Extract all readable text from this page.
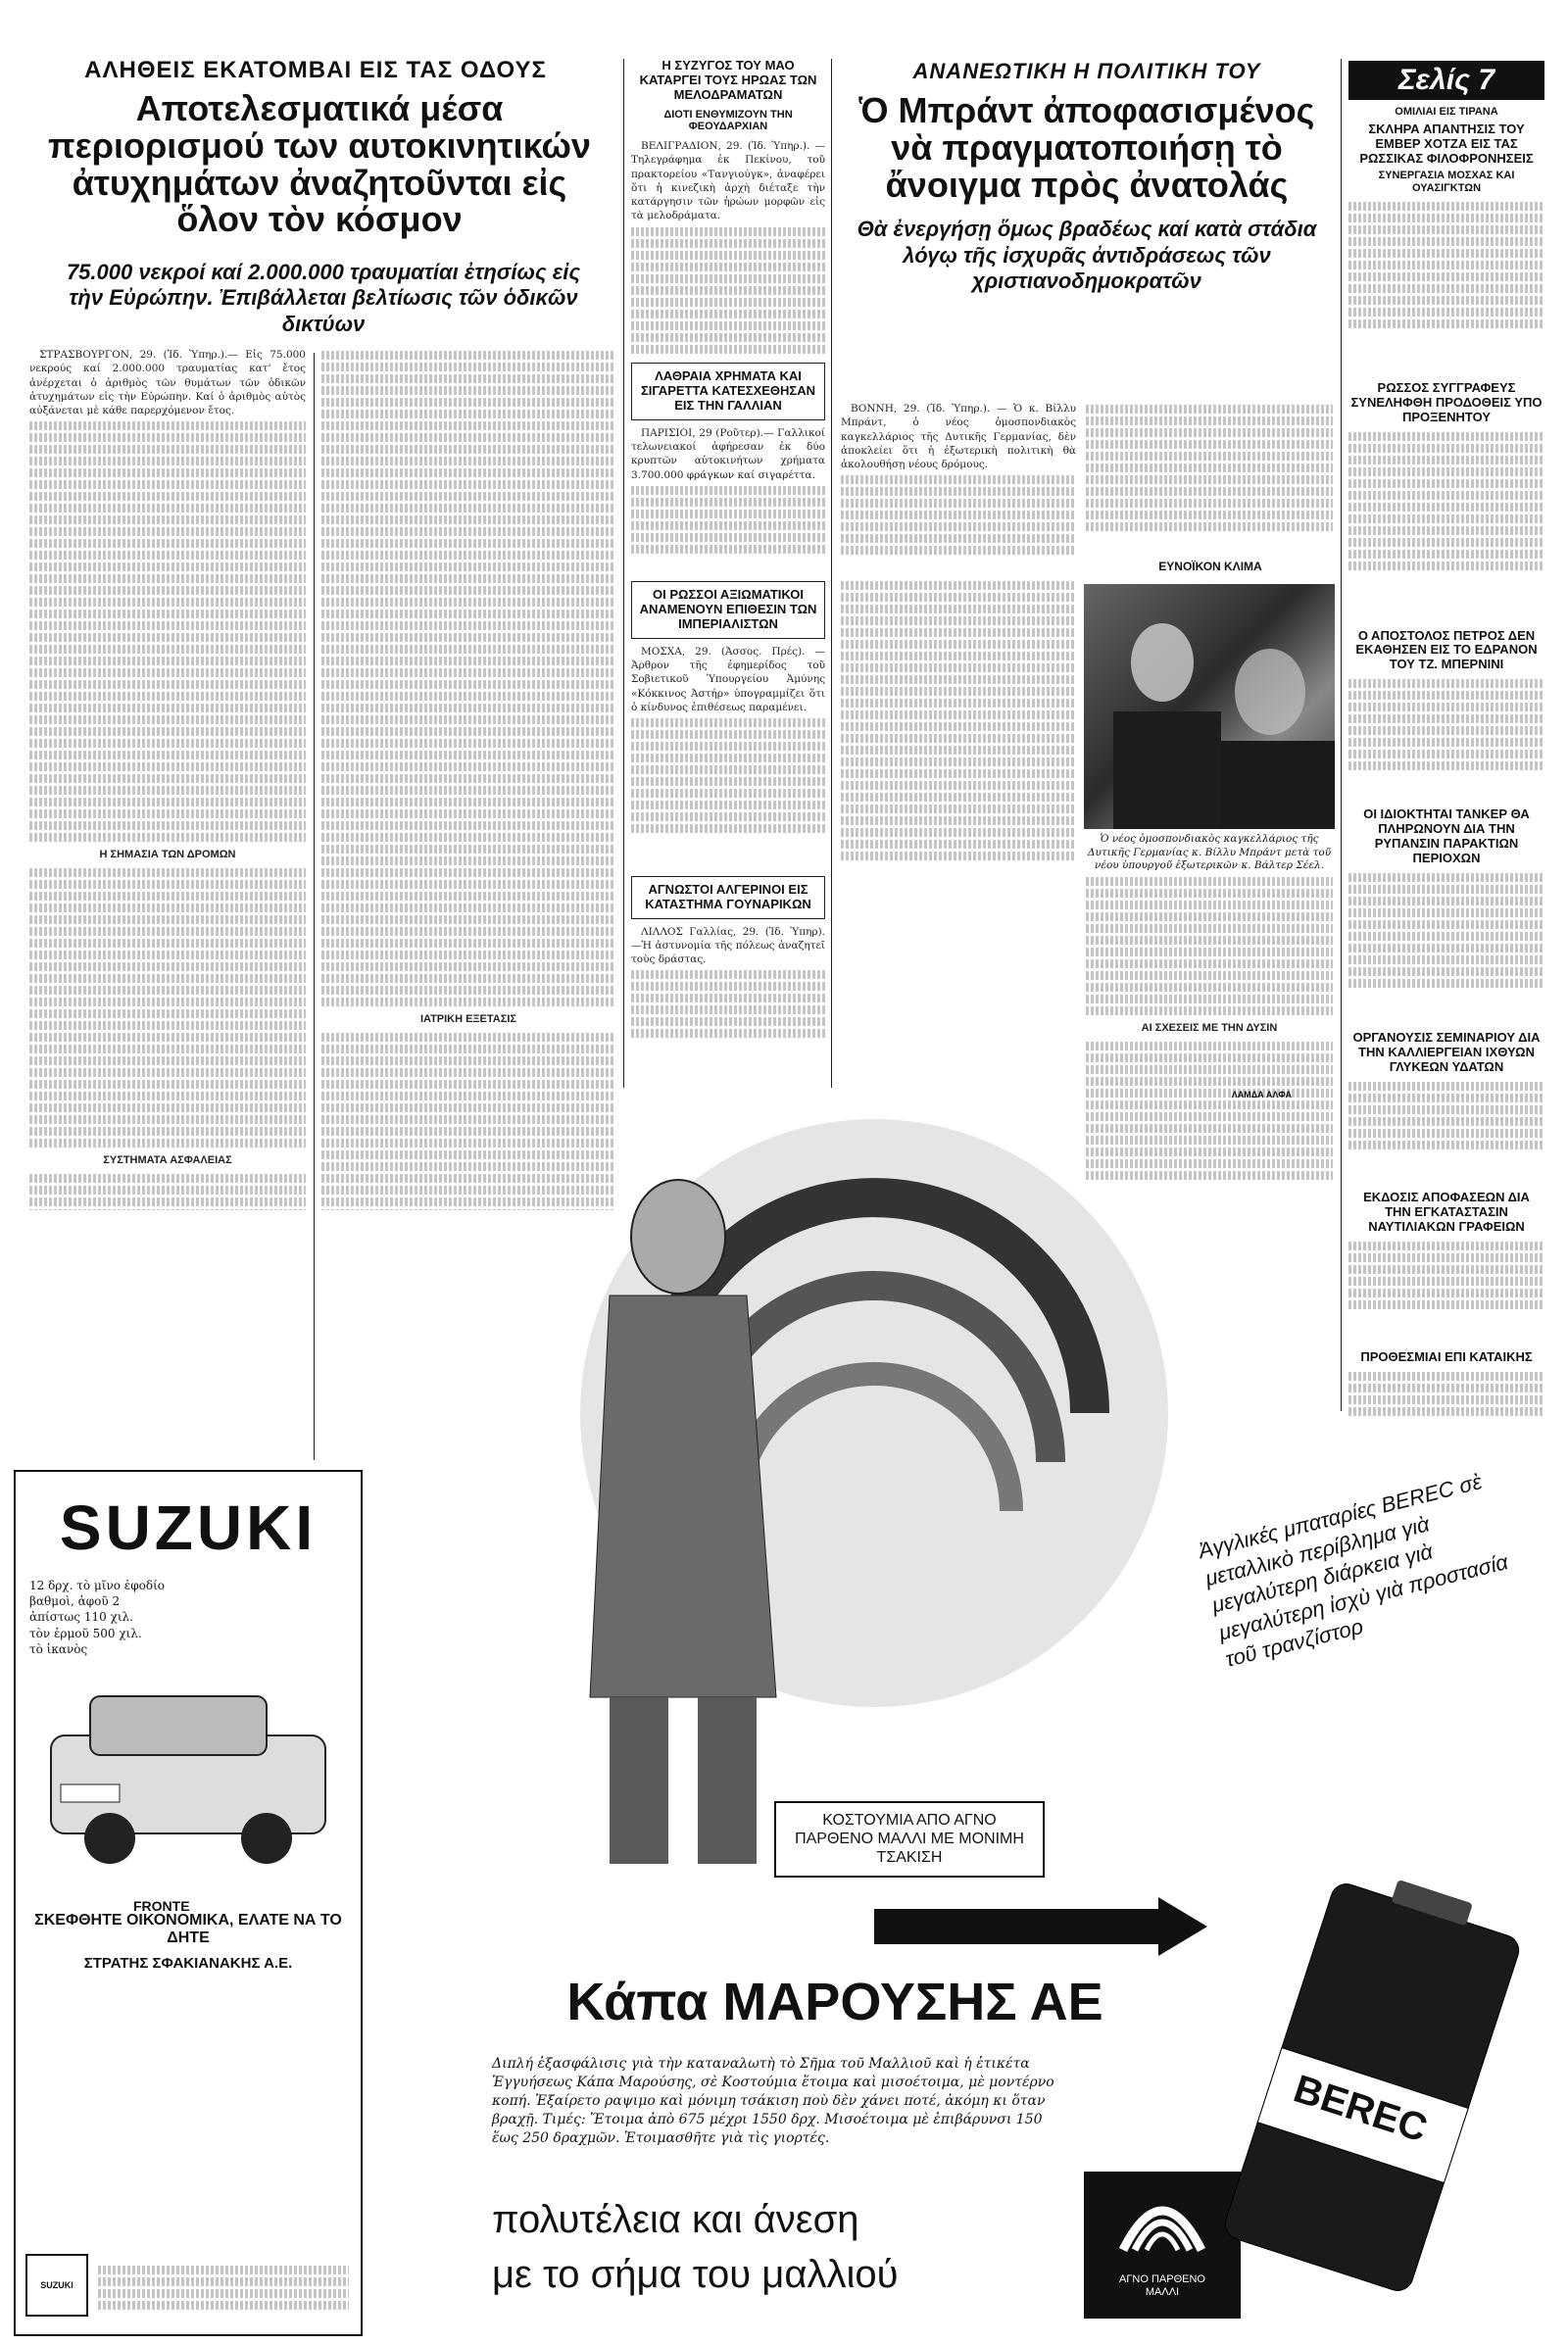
ΑΛΗΘΕΙΣ ΕΚΑΤΟΜΒΑΙ ΕΙΣ ΤΑΣ ΟΔΟΥΣ
Αποτελεσματικά μέσα περιορισμού των αυτοκινητικών ἀτυχημάτων ἀναζητοῦνται εἰς ὅλον τὸν κόσμον
75.000 νεκροί καί 2.000.000 τραυματίαι ἐτησίως εἰς τὴν Εὐρώπην. Ἐπιβάλλεται βελτίωσις τῶν ὁδικῶν δικτύων

ΣΤΡΑΣΒΟΥΡΓΟΝ, 29. (Ἰδ. Ὑπηρ.).— Εἰς 75.000 νεκρούς καί 2.000.000 τραυματίας κατ' ἔτος ἀνέρχεται ὁ ἀριθμὸς τῶν θυμάτων τῶν ὁδικῶν ἀτυχημάτων εἰς τὴν Εὐρώπην. Καί ὁ ἀριθμὸς αὐτὸς αὐξάνεται μὲ κάθε παρερχόμενον ἔτος.

Η ΣΗΜΑΣΙΑ ΤΩΝ ΔΡΟΜΩΝ
ΣΥΣΤΗΜΑΤΑ ΑΣΦΑΛΕΙΑΣ
ΙΑΤΡΙΚΗ ΕΞΕΤΑΣΙΣ
Η ΣΥΖΥΓΟΣ ΤΟΥ ΜΑΟ ΚΑΤΑΡΓΕΙ ΤΟΥΣ ΗΡΩΑΣ ΤΩΝ ΜΕΛΟΔΡΑΜΑΤΩΝ
ΔΙΟΤΙ ΕΝΘΥΜΙΖΟΥΝ ΤΗΝ ΦΕΟΥΔΑΡΧΙΑΝ

ΒΕΛΙΓΡΑΔΙΟΝ, 29. (Ἰδ. Ὑπηρ.). —Τηλεγράφημα ἐκ Πεκίνου, τοῦ πρακτορείου «Τανγιούγκ», ἀναφέρει ὅτι ἡ κινεζικὴ ἀρχὴ διέταξε τὴν κατάργησιν τῶν ἡρώων μορφῶν εἰς τὰ μελοδράματα.

ΛΑΘΡΑΙΑ ΧΡΗΜΑΤΑ ΚΑΙ ΣΙΓΑΡΕΤΤΑ ΚΑΤΕΣΧΕΘΗΣΑΝ ΕΙΣ ΤΗΝ ΓΑΛΛΙΑΝ

ΠΑΡΙΣΙΟΙ, 29 (Ροῦτερ).— Γαλλικοί τελωνειακοί ἀφήρεσαν ἐκ δύο κρυπτῶν αὐτοκινήτων χρήματα 3.700.000 φράγκων καί σιγαρέττα.

ΟΙ ΡΩΣΣΟΙ ΑΞΙΩΜΑΤΙΚΟΙ ΑΝΑΜΕΝΟΥΝ ΕΠΙΘΕΣΙΝ ΤΩΝ ΙΜΠΕΡΙΑΛΙΣΤΩΝ

ΜΟΣΧΑ, 29. (Ἀσσος. Πρές). —Ἀρθρον τῆς ἐφημερίδος τοῦ Σοβιετικοῦ Ὑπουργείου Ἀμύνης «Κόκκινος Ἀστήρ» ὑπογραμμίζει ὅτι ὁ κίνδυνος ἐπιθέσεως παραμένει.

ΑΓΝΩΣΤΟΙ ΑΛΓΕΡΙΝΟΙ ΕΙΣ ΚΑΤΑΣΤΗΜΑ ΓΟΥΝΑΡΙΚΩΝ

ΛΙΛΛΟΣ Γαλλίας, 29. (Ἰδ. Ὑπηρ). —Ἡ ἀστυνομία τῆς πόλεως ἀναζητεῖ τοὺς δράστας.

ΑΝΑΝΕΩΤΙΚΗ Η ΠΟΛΙΤΙΚΗ ΤΟΥ
Ὁ Μπράντ ἀποφασισμένος νὰ πραγματοποιήσῃ τὸ ἄνοιγμα πρὸς ἀνατολάς
Θὰ ἐνεργήσῃ ὅμως βραδέως καί κατὰ στάδια λόγῳ τῆς ἰσχυρᾶς ἀντιδράσεως τῶν χριστιανοδημοκρατῶν

ΒΟΝΝΗ, 29. (Ἰδ. Ὑπηρ.). — Ὁ κ. Βίλλυ Μπράντ, ὁ νέος ὁμοσπονδιακὸς καγκελλάριος τῆς Δυτικῆς Γερμανίας, δὲν ἀποκλείει ὅτι ἡ ἐξωτερικὴ πολιτικὴ θὰ ἀκολουθήσῃ νέους δρόμους.

ΕΥΝΟΪΚΟΝ ΚΛΙΜΑ
Ὁ νέος ὁμοσπονδιακὸς καγκελλάριος τῆς Δυτικῆς Γερμανίας κ. Βίλλυ Μπράντ μετὰ τοῦ νέου ὑπουργοῦ ἐξωτερικῶν κ. Βάλτερ Σέελ.
ΑΙ ΣΧΕΣΕΙΣ ΜΕ ΤΗΝ ΔΥΣΙΝ
Σελίς 7
ΟΜΙΛΙΑΙ ΕΙΣ ΤΙΡΑΝΑ
ΣΚΛΗΡΑ ΑΠΑΝΤΗΣΙΣ ΤΟΥ ΕΜΒΕΡ ΧΟΤΖΑ ΕΙΣ ΤΑΣ ΡΩΣΣΙΚΑΣ ΦΙΛΟΦΡΟΝΗΣΕΙΣ
ΣΥΝΕΡΓΑΣΙΑ ΜΟΣΧΑΣ ΚΑΙ ΟΥΑΣΙΓΚΤΩΝ
ΡΩΣΣΟΣ ΣΥΓΓΡΑΦΕΥΣ ΣΥΝΕΛΗΦΘΗ ΠΡΟΔΟΘΕΙΣ ΥΠΟ ΠΡΟΞΕΝΗΤΟΥ
Ο ΑΠΟΣΤΟΛΟΣ ΠΕΤΡΟΣ ΔΕΝ ΕΚΑΘΗΣΕΝ ΕΙΣ ΤΟ ΕΔΡΑΝΟΝ ΤΟΥ ΤΖ. ΜΠΕΡΝΙΝΙ
ΟΙ ΙΔΙΟΚΤΗΤΑΙ ΤΑΝΚΕΡ ΘΑ ΠΛΗΡΩΝΟΥΝ ΔΙΑ ΤΗΝ ΡΥΠΑΝΣΙΝ ΠΑΡΑΚΤΙΩΝ ΠΕΡΙΟΧΩΝ
ΟΡΓΑΝΟΥΣΙΣ ΣΕΜΙΝΑΡΙΟΥ ΔΙΑ ΤΗΝ ΚΑΛΛΙΕΡΓΕΙΑΝ ΙΧΘΥΩΝ ΓΛΥΚΕΩΝ ΥΔΑΤΩΝ
ΕΚΔΟΣΙΣ ΑΠΟΦΑΣΕΩΝ ΔΙΑ ΤΗΝ ΕΓΚΑΤΑΣΤΑΣΙΝ ΝΑΥΤΙΛΙΑΚΩΝ ΓΡΑΦΕΙΩΝ
ΠΡΟΘΕΣΜΙΑΙ ΕΠΙ ΚΑΤΑΙΚΗΣ
SUZUKI
12 δρχ. τὸ μῖνο ἐφοδίο
βαθμοὶ, ἀφοῦ 2
ἀπίστως 110 χιλ.
τὸν ἑρμοῦ 500 χιλ.
τὸ ἱκανὸς
FRONTE
ΣΚΕΦΘΗΤΕ ΟΙΚΟΝΟΜΙΚΑ, ΕΛΑΤΕ ΝΑ ΤΟ ΔΗΤΕ
ΣΤΡΑΤΗΣ ΣΦΑΚΙΑΝΑΚΗΣ Α.Ε.
SUZUKI
ΛΑΜΔΑ ΑΛΦΑ
ΚΟΣΤΟΥΜΙΑ ΑΠΟ ΑΓΝΟ ΠΑΡΘΕΝΟ ΜΑΛΛΙ ΜΕ ΜΟΝΙΜΗ ΤΣΑΚΙΣΗ
Κάπα ΜΑΡΟΥΣΗΣ ΑΕ
Διπλή ἐξασφάλισις γιὰ τὴν καταναλωτὴ τὸ Σῆμα τοῦ Μαλλιοῦ καὶ ἡ ἐτικέτα Ἐγγυήσεως Κάπα Μαρούσης, σὲ Κοστούμια ἕτοιμα καὶ μισοέτοιμα, μὲ μοντέρνο κοπή. Ἐξαίρετο ραψιμο καὶ μόνιμη τσάκιση ποὺ δὲν χάνει ποτέ, ἀκόμη κι ὅταν βραχῇ. Τιμές: Ἕτοιμα ἀπὸ 675 μέχρι 1550 δρχ. Μισοέτοιμα μὲ ἐπιβάρυνσι 150 ἕως 250 δραχμῶν. Ἑτοιμασθῆτε γιὰ τὶς γιορτές.
πολυτέλεια και άνεση
με το σήμα του μαλλιού	ΑΓΝΟ ΠΑΡΘΕΝΟ ΜΑΛΛΙ
Ἀγγλικές μπαταρίες BEREC σὲ μεταλλικὸ περίβλημα γιὰ μεγαλύτερη διάρκεια γιὰ μεγαλύτερη ἰσχὺ γιὰ προστασία τοῦ τρανζίστορ
BEREC
with Power II
